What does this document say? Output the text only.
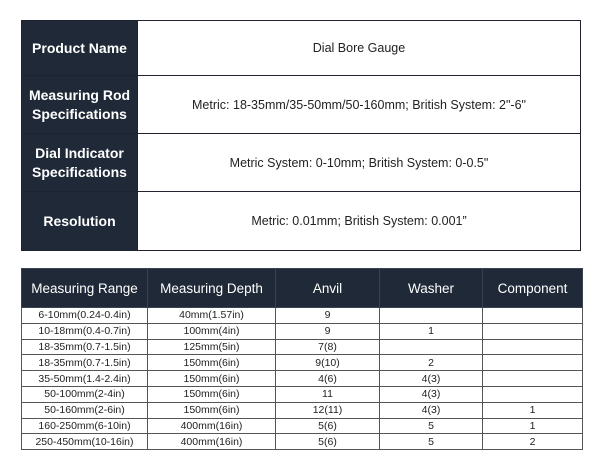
Product Name	Dial Bore Gauge
Measuring Rod Specifications	Metric: 18-35mm/35-50mm/50-160mm; British System: 2"-6"
Dial Indicator Specifications	Metric System: 0-10mm; British System: 0-0.5"
Resolution	Metric: 0.01mm; British System: 0.001”
Measuring Range	Measuring Depth	Anvil	Washer	Component
6-10mm(0.24-0.4in)	40mm(1.57in)	9		
10-18mm(0.4-0.7in)	100mm(4in)	9	1	
18-35mm(0.7-1.5in)	125mm(5in)	7(8)		
18-35mm(0.7-1.5in)	150mm(6in)	9(10)	2	
35-50mm(1.4-2.4in)	150mm(6in)	4(6)	4(3)	
50-100mm(2-4in)	150mm(6in)	11	4(3)	
50-160mm(2-6in)	150mm(6in)	12(11)	4(3)	1
160-250mm(6-10in)	400mm(16in)	5(6)	5	1
250-450mm(10-16in)	400mm(16in)	5(6)	5	2
